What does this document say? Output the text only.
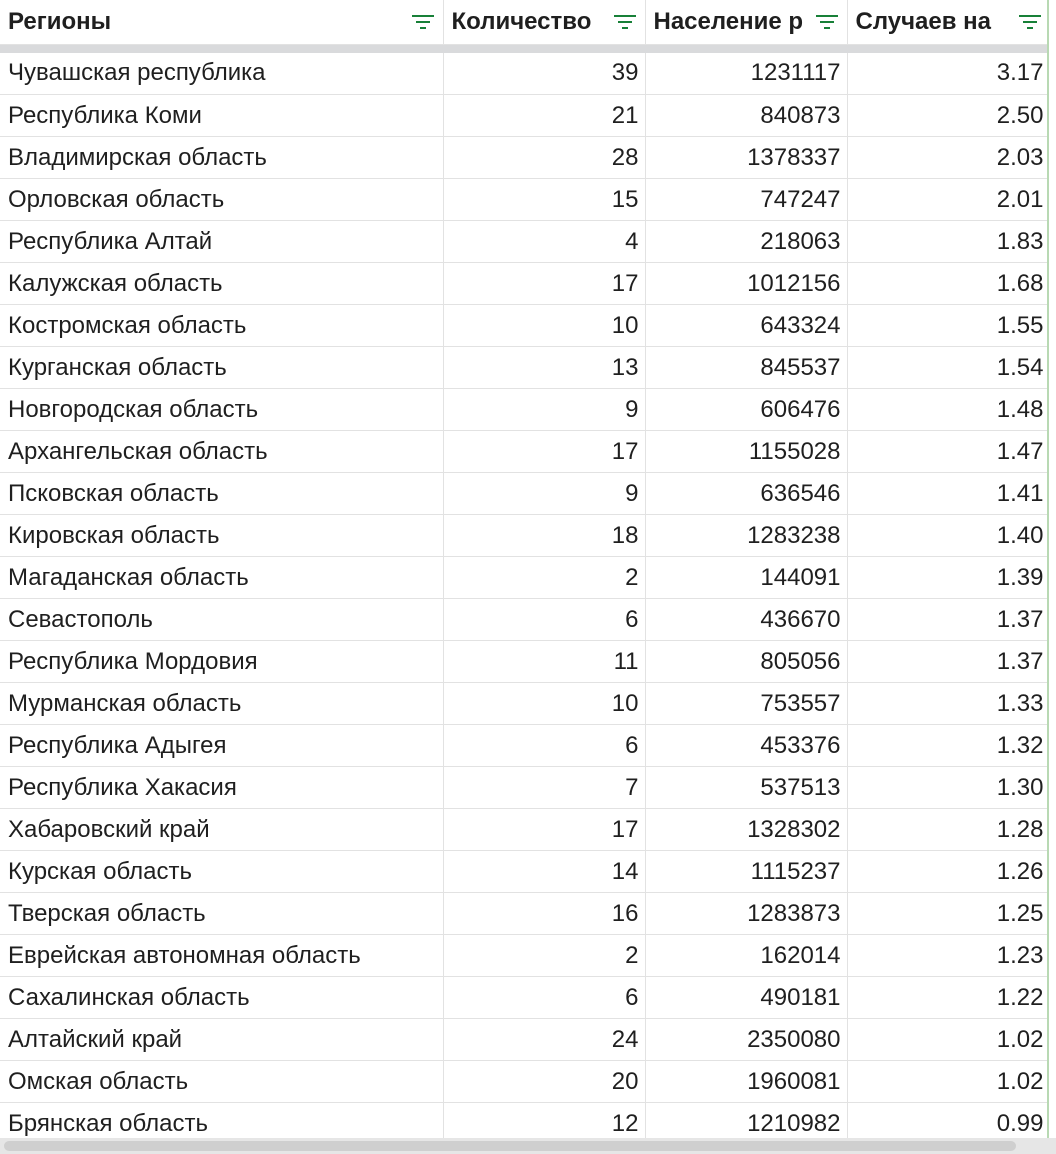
Регионы	Количество	Население р	Случаев на

Чувашская республика	39	1231117	3.17
Республика Коми	21	840873	2.50
Владимирская область	28	1378337	2.03
Орловская область	15	747247	2.01
Республика Алтай	4	218063	1.83
Калужская область	17	1012156	1.68
Костромская область	10	643324	1.55
Курганская область	13	845537	1.54
Новгородская область	9	606476	1.48
Архангельская область	17	1155028	1.47
Псковская область	9	636546	1.41
Кировская область	18	1283238	1.40
Магаданская область	2	144091	1.39
Севастополь	6	436670	1.37
Республика Мордовия	11	805056	1.37
Мурманская область	10	753557	1.33
Республика Адыгея	6	453376	1.32
Республика Хакасия	7	537513	1.30
Хабаровский край	17	1328302	1.28
Курская область	14	1115237	1.26
Тверская область	16	1283873	1.25
Еврейская автономная область	2	162014	1.23
Сахалинская область	6	490181	1.22
Алтайский край	24	2350080	1.02
Омская область	20	1960081	1.02
Брянская область	12	1210982	0.99
